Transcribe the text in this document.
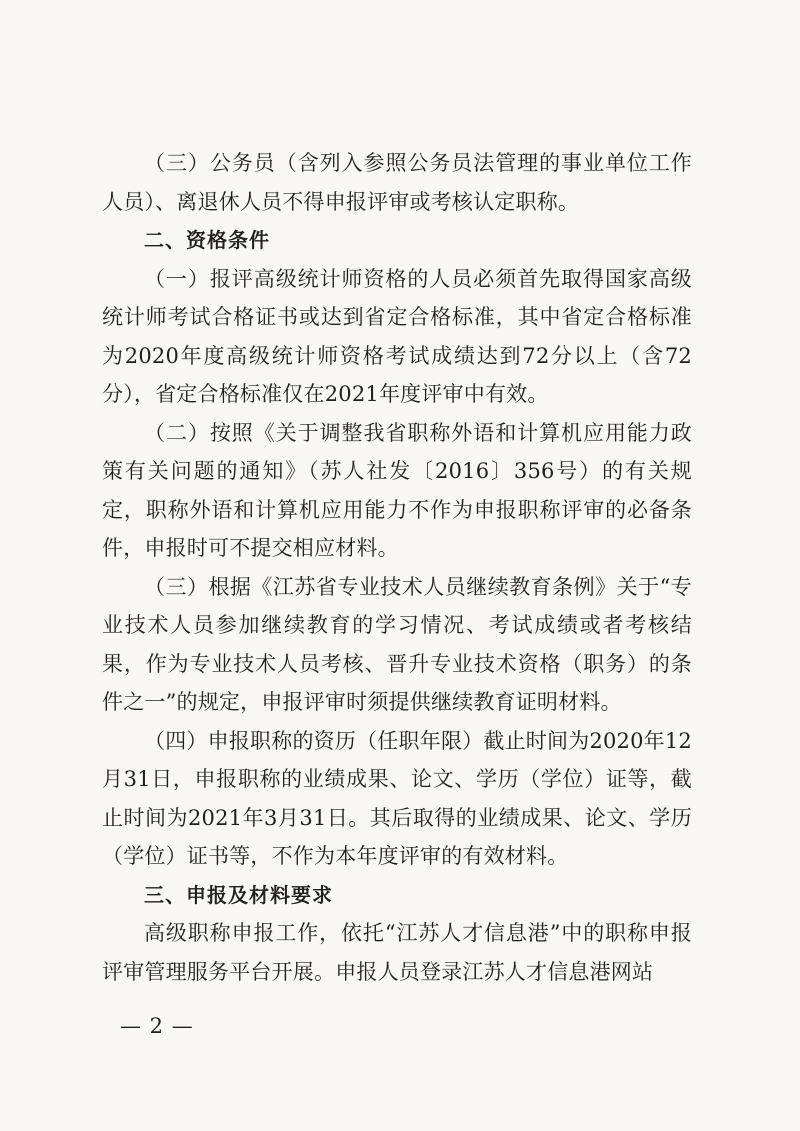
（三）公务员（含列入参照公务员法管理的事业单位工作人员）、离退休人员不得申报评审或考核认定职称。

二、资格条件

（一）报评高级统计师资格的人员必须首先取得国家高级统计师考试合格证书或达到省定合格标准，其中省定合格标准为2020年度高级统计师资格考试成绩达到72分以上（含72分），省定合格标准仅在2021年度评审中有效。

（二）按照《关于调整我省职称外语和计算机应用能力政策有关问题的通知》（苏人社发〔2016〕356号）的有关规定，职称外语和计算机应用能力不作为申报职称评审的必备条件，申报时可不提交相应材料。

（三）根据《江苏省专业技术人员继续教育条例》关于“专业技术人员参加继续教育的学习情况、考试成绩或者考核结果，作为专业技术人员考核、晋升专业技术资格（职务）的条件之一”的规定，申报评审时须提供继续教育证明材料。

（四）申报职称的资历（任职年限）截止时间为2020年12月31日，申报职称的业绩成果、论文、学历（学位）证等，截止时间为2021年3月31日。其后取得的业绩成果、论文、学历（学位）证书等，不作为本年度评审的有效材料。

三、申报及材料要求

高级职称申报工作，依托“江苏人才信息港”中的职称申报评审管理服务平台开展。申报人员登录江苏人才信息港网站

— 2 —
